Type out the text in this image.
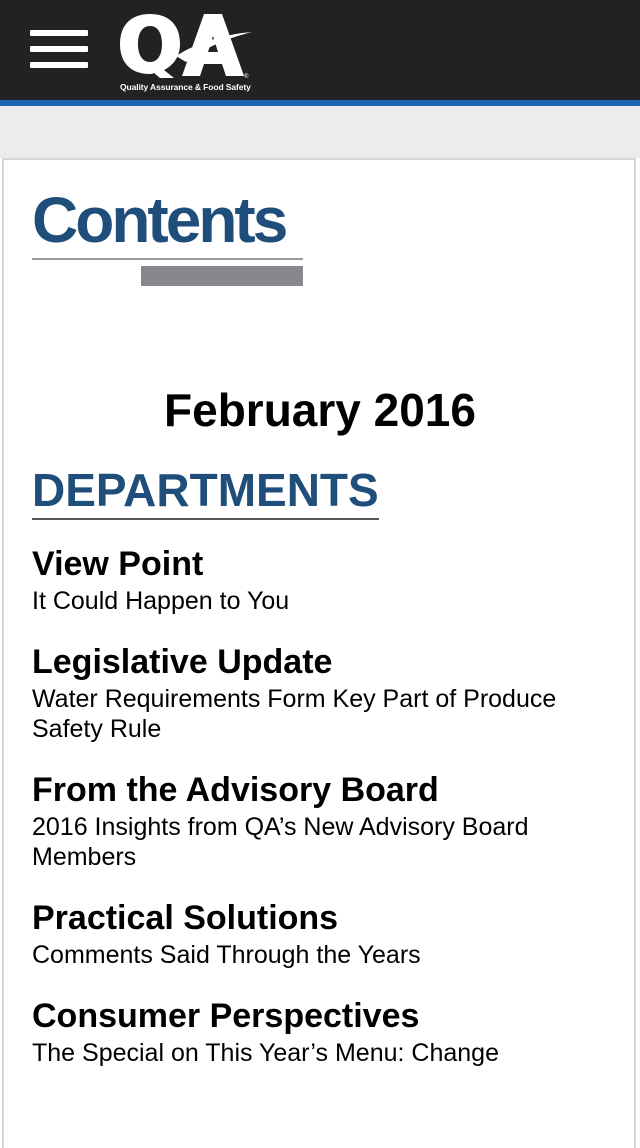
®
Quality Assurance & Food Safety
Contents
February 2016
DEPARTMENTS

View Point

It Could Happen to You

Legislative Update

Water Requirements Form Key Part of Produce Safety Rule

From the Advisory Board

2016 Insights from QA’s New Advisory Board Members

Practical Solutions

Comments Said Through the Years

Consumer Perspectives

The Special on This Year’s Menu: Change
